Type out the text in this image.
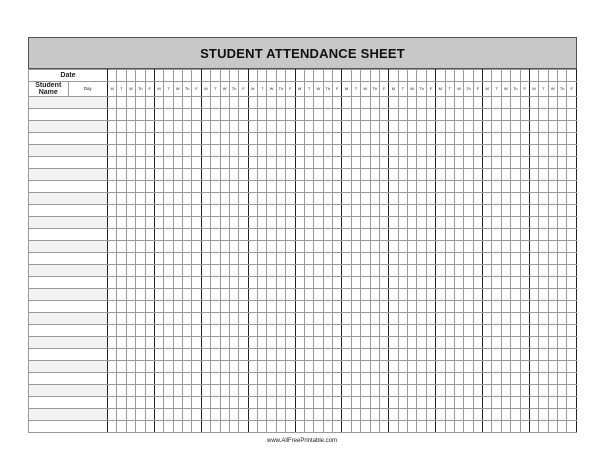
STUDENT ATTENDANCE SHEET
Date																																																			
Student Name	Day	M	T	W	Th	F	M	T	W	Th	F	M	T	W	Th	F	M	T	W	Th	F	M	T	W	Th	F	M	T	W	Th	F	M	T	W	Th	F	M	T	W	Th	F	M	T	W	Th	F	M	T	W	Th	F

www.AllFreePrintable.com
